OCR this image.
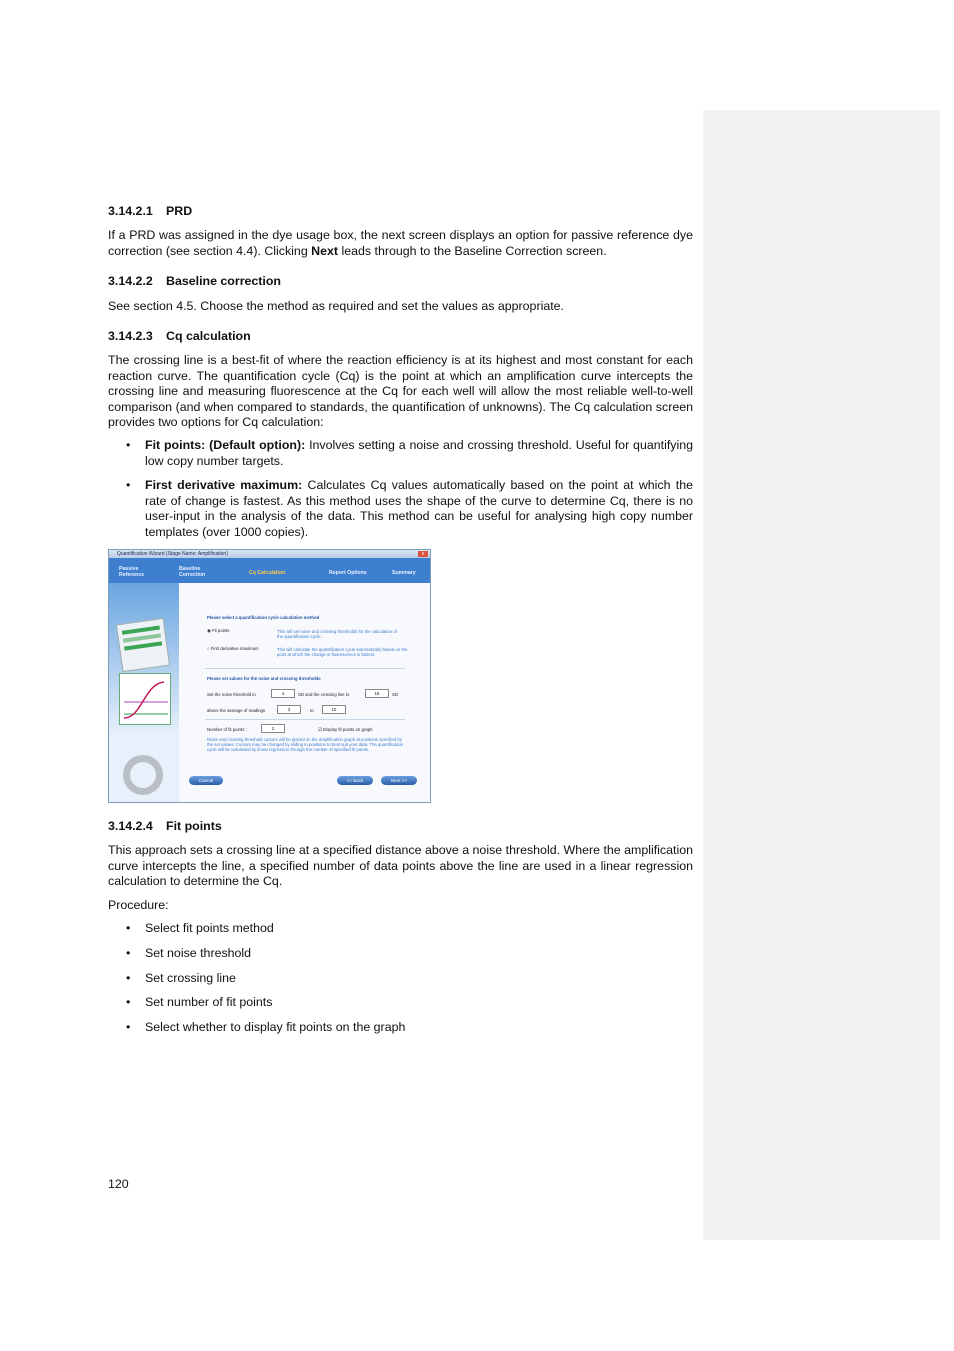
3.14.2.1 PRD

If a PRD was assigned in the dye usage box, the next screen displays an option for passive reference dye correction (see section 4.4). Clicking Next leads through to the Baseline Correction screen.

3.14.2.2 Baseline correction

See section 4.5. Choose the method as required and set the values as appropriate.

3.14.2.3 Cq calculation

The crossing line is a best-fit of where the reaction efficiency is at its highest and most constant for each reaction curve. The quantification cycle (Cq) is the point at which an amplification curve intercepts the crossing line and measuring fluorescence at the Cq for each well will allow the most reliable well-to-well comparison (and when compared to standards, the quantification of unknowns). The Cq calculation screen provides two options for Cq calculation:

• Fit points: (Default option): Involves setting a noise and crossing threshold. Useful for quantifying low copy number targets.
• First derivative maximum: Calculates Cq values automatically based on the point at which the rate of change is fastest. As this method uses the shape of the curve to determine Cq, there is no user-input in the analysis of the data. This method can be useful for analysing high copy number templates (over 1000 copies).
Quantification Wizard (Stage Name: Amplification)	x
Passive Reference
Baseline Correction	Cq Calculation	Report Options	Summary
Please select a quantification cycle calculation method
◉ Fit points	This will set noise and crossing thresholds for the calculation of the quantification cycle.
○ First derivative maximum	This will calculate the quantification cycle automatically based on the point at which the change in fluorescence is fastest.
Please set values for the noise and crossing thresholds
Set the noise threshold to	4	SD and the crossing line to	18	SD
above the average of readings	3	to	10
Number of fit points :	2	☑ Display fit points on graph
Noise and crossing threshold cursors will be placed on the amplification graph at positions specified by the set values. Cursors may be changed by sliding to positions to best suit your data. The quantification cycle will be calculated by linear regression through the number of specified fit points.
Cancel	<< Back	Next >>
3.14.2.4 Fit points

This approach sets a crossing line at a specified distance above a noise threshold. Where the amplification curve intercepts the line, a specified number of data points above the line are used in a linear regression calculation to determine the Cq.

Procedure:

• Select fit points method
• Set noise threshold
• Set crossing line
• Set number of fit points
• Select whether to display fit points on the graph
120
